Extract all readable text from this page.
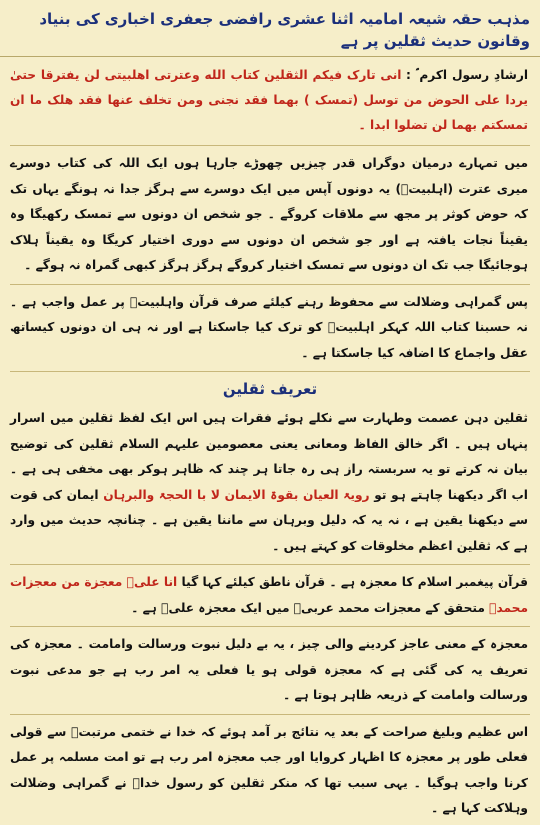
مذہب حقہ شیعہ امامیہ اثنا عشری رافضی جعفری اخباری کی بنیاد وقانون حدیث ثقلین پر ہے
ارشادِ رسول اکرم ؐ : انی تارک فیکم الثقلین کتاب الله وعترتی اهلبیتی لن یفترقا حتیٰ یردا علی الحوض من توسل (تمسک ) بهما فقد نجنی ومن تخلف عنها فقد هلک ما ان تمسکتم بهما لن تضلوا ابدا ۔
میں تمہارے درمیان دوگراں قدر چیزیں چھوڑے جارہا ہوں ایک اللہ کی کتاب دوسرے میری عترت (اہلبیتؑ) یہ دونوں آپس میں ایک دوسرے سے ہرگز جدا نہ ہونگے یہاں تک کہ حوض کوثر پر مجھ سے ملاقات کروگے ۔ جو شخص ان دونوں سے تمسک رکھیگا وہ یقیناً نجات یافتہ ہے اور جو شخص ان دونوں سے دوری اختیار کریگا وہ یقیناً ہلاک ہوجائیگا جب تک ان دونوں سے تمسک اختیار کروگے ہرگز ہرگز کبھی گمراہ نہ ہوگے ۔
پس گمراہی وضلالت سے محفوظ رہنے کیلئے صرف قرآن واہلبیتؑ پر عمل واجب ہے ۔ نہ حسبنا کتاب اللہ کہکر اہلبیتؑ کو ترک کیا جاسکتا ہے اور نہ ہی ان دونوں کیساتھ عقل واجماع کا اضافہ کیا جاسکتا ہے ۔
تعریف ثقلین
ثقلین دہن عصمت وطہارت سے نکلے ہوئے فقرات ہیں اس ایک لفظ ثقلین میں اسرار پنہاں ہیں ۔ اگر خالق الفاظ ومعانی یعنی معصومین علیہم السلام ثقلین کی توضیح بیان نہ کرتے تو یہ سربستہ راز ہی رہ جاتا ہر چند کہ ظاہر ہوکر بھی مخفی ہی ہے ۔ اب اگر دیکھنا چاہتے ہو تو رویۃ العیان بقوۃ الایمان لا با الحجۃ والبرہان ایمان کی قوت سے دیکھنا یقین ہے ، نہ یہ کہ دلیل وبرہان سے ماننا یقین ہے ۔ چنانچہ حدیث میں وارد ہے کہ ثقلین اعظم مخلوقات کو کہتے ہیں ۔
قرآن پیغمبر اسلام کا معجزہ ہے ۔ قرآن ناطق کیلئے کہا گیا انا علیؑ معجزة من معجزات محمدؐ متحقق کے معجزات محمد عربیؐ میں ایک معجزہ علیؑ ہے ۔
معجزہ کے معنی عاجز کردینے والی چیز ، یہ بے دلیل نبوت ورسالت وامامت ۔ معجزہ کی تعریف یہ کی گئی ہے کہ معجزہ قولی ہو یا فعلی یہ امر رب ہے جو مدعی نبوت ورسالت وامامت کے ذریعہ ظاہر ہوتا ہے ۔
اس عظیم وبلیغ صراحت کے بعد یہ نتائج بر آمد ہوئے کہ خدا نے ختمی مرتبتؐ سے قولی فعلی طور پر معجزہ کا اظہار کروایا اور جب معجزہ امر رب ہے تو امت مسلمہ پر عمل کرنا واجب ہوگیا ۔ یہی سبب تھا کہ منکر ثقلین کو رسول خداؐ نے گمراہی وضلالت وہلاکت کہا ہے ۔
